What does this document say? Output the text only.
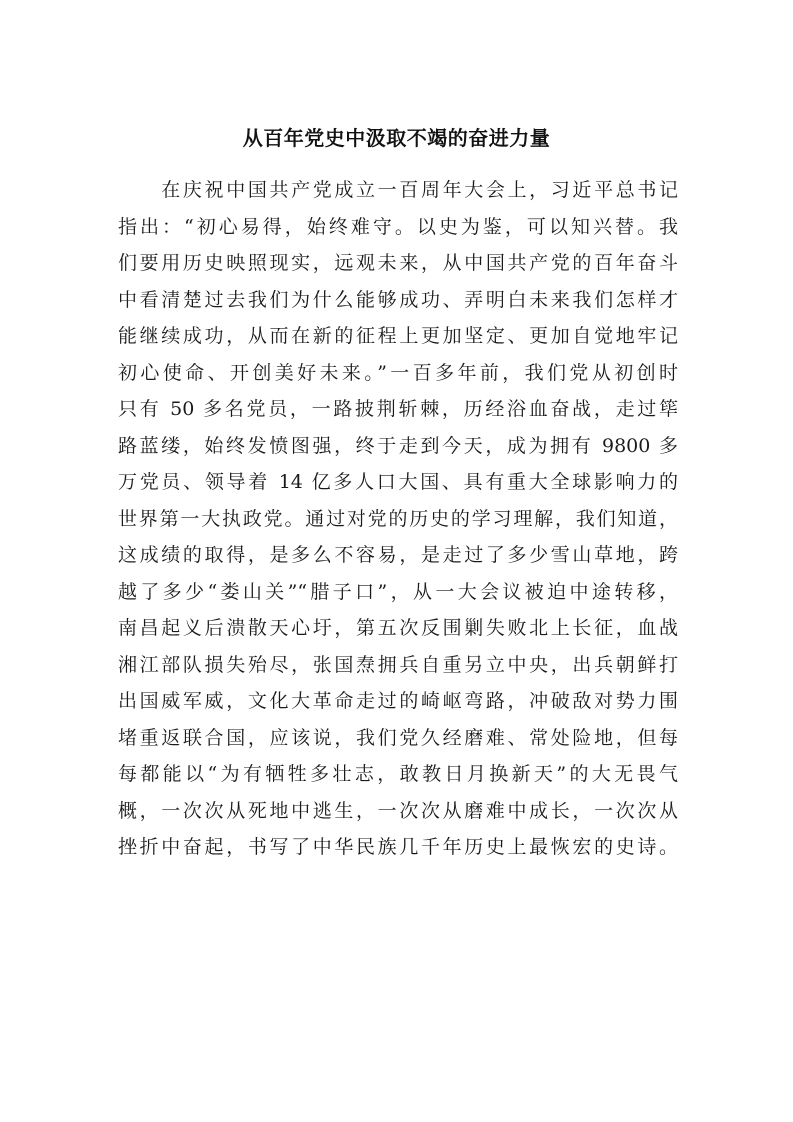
从百年党史中汲取不竭的奋进力量
　　在庆祝中国共产党成立一百周年大会上，习近平总书记
指出：“初心易得，始终难守。以史为鉴，可以知兴替。我
们要用历史映照现实，远观未来，从中国共产党的百年奋斗
中看清楚过去我们为什么能够成功、弄明白未来我们怎样才
能继续成功，从而在新的征程上更加坚定、更加自觉地牢记
初心使命、开创美好未来。”一百多年前，我们党从初创时
只有 50 多名党员，一路披荆斩棘，历经浴血奋战，走过筚
路蓝缕，始终发愤图强，终于走到今天，成为拥有 9800 多
万党员、领导着 14 亿多人口大国、具有重大全球影响力的
世界第一大执政党。通过对党的历史的学习理解，我们知道，
这成绩的取得，是多么不容易，是走过了多少雪山草地，跨
越了多少“娄山关”“腊子口”，从一大会议被迫中途转移，
南昌起义后溃散天心圩，第五次反围剿失败北上长征，血战
湘江部队损失殆尽，张国焘拥兵自重另立中央，出兵朝鲜打
出国威军威，文化大革命走过的崎岖弯路，冲破敌对势力围
堵重返联合国，应该说，我们党久经磨难、常处险地，但每
每都能以“为有牺牲多壮志，敢教日月换新天”的大无畏气
概，一次次从死地中逃生，一次次从磨难中成长，一次次从
挫折中奋起，书写了中华民族几千年历史上最恢宏的史诗。
